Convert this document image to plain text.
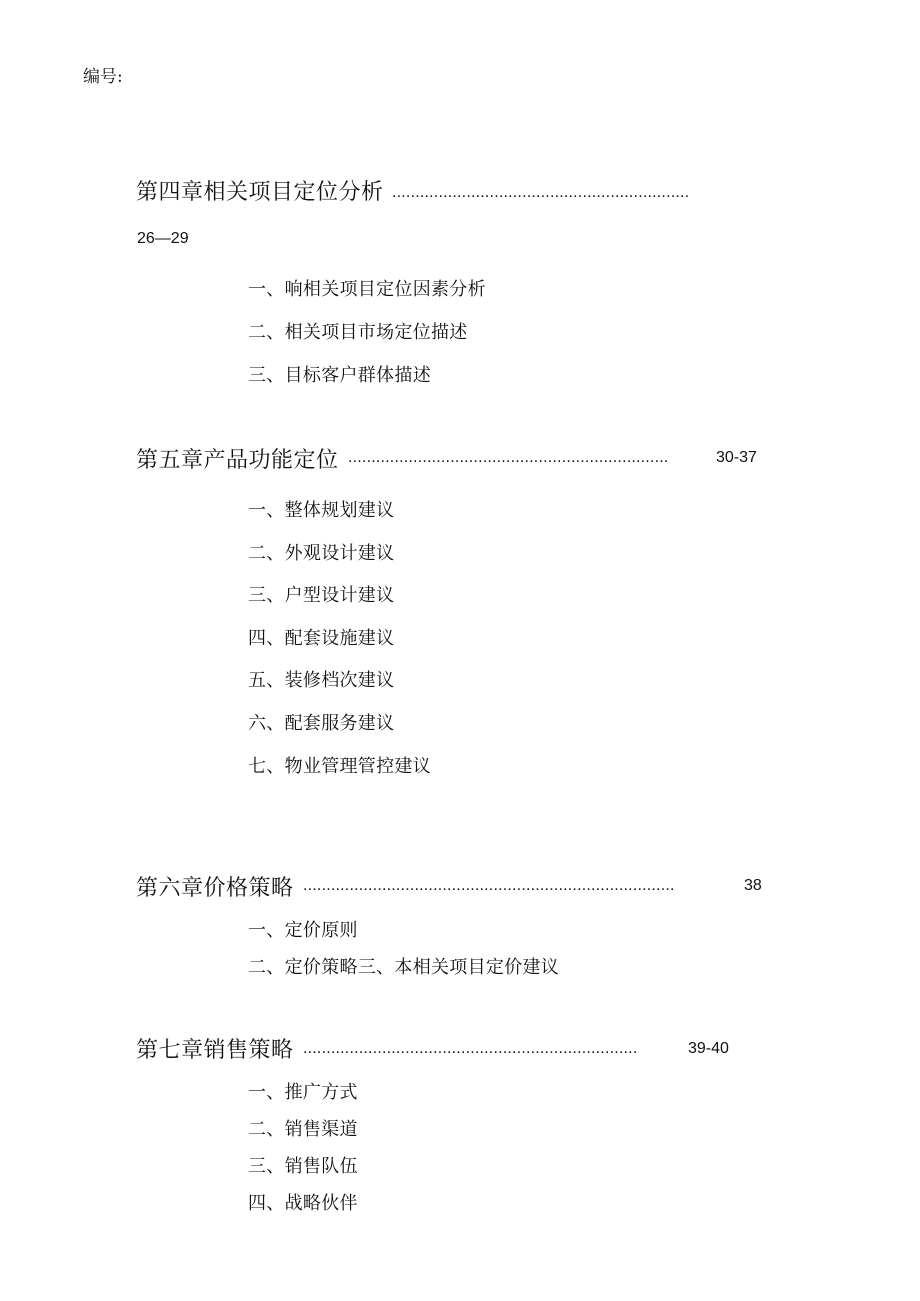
编号:
第四章相关项目定位分析 ................................................................
26—29
一、响相关项目定位因素分析
二、相关项目市场定位描述
三、目标客户群体描述
第五章产品功能定位 .....................................................................	30-37
一、整体规划建议
二、外观设计建议
三、户型设计建议
四、配套设施建议
五、装修档次建议
六、配套服务建议
七、物业管理管控建议
第六章价格策略 ................................................................................	38
一、定价原则
二、定价策略三、本相关项目定价建议
第七章销售策略 ........................................................................	39-40
一、推广方式
二、销售渠道
三、销售队伍
四、战略伙伴
